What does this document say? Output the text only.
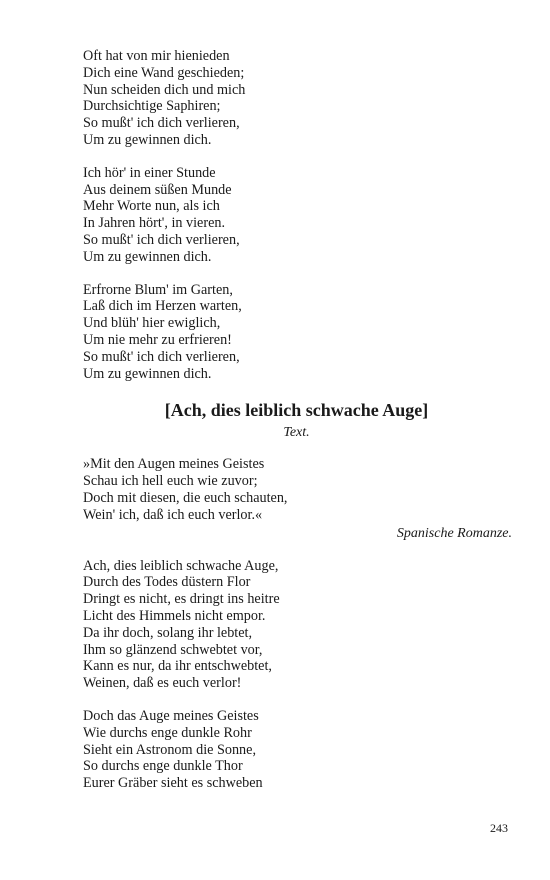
Oft hat von mir hienieden
Dich eine Wand geschieden;
Nun scheiden dich und mich
Durchsichtige Saphiren;
So mußt' ich dich verlieren,
Um zu gewinnen dich.
Ich hör' in einer Stunde
Aus deinem süßen Munde
Mehr Worte nun, als ich
In Jahren hört', in vieren.
So mußt' ich dich verlieren,
Um zu gewinnen dich.
Erfrorne Blum' im Garten,
Laß dich im Herzen warten,
Und blüh' hier ewiglich,
Um nie mehr zu erfrieren!
So mußt' ich dich verlieren,
Um zu gewinnen dich.
[Ach, dies leiblich schwache Auge]
Text.
»Mit den Augen meines Geistes
Schau ich hell euch wie zuvor;
Doch mit diesen, die euch schauten,
Wein' ich, daß ich euch verlor.«
Spanische Romanze.
Ach, dies leiblich schwache Auge,
Durch des Todes düstern Flor
Dringt es nicht, es dringt ins heitre
Licht des Himmels nicht empor.
Da ihr doch, solang ihr lebtet,
Ihm so glänzend schwebtet vor,
Kann es nur, da ihr entschwebtet,
Weinen, daß es euch verlor!
Doch das Auge meines Geistes
Wie durchs enge dunkle Rohr
Sieht ein Astronom die Sonne,
So durchs enge dunkle Thor
Eurer Gräber sieht es schweben
243
